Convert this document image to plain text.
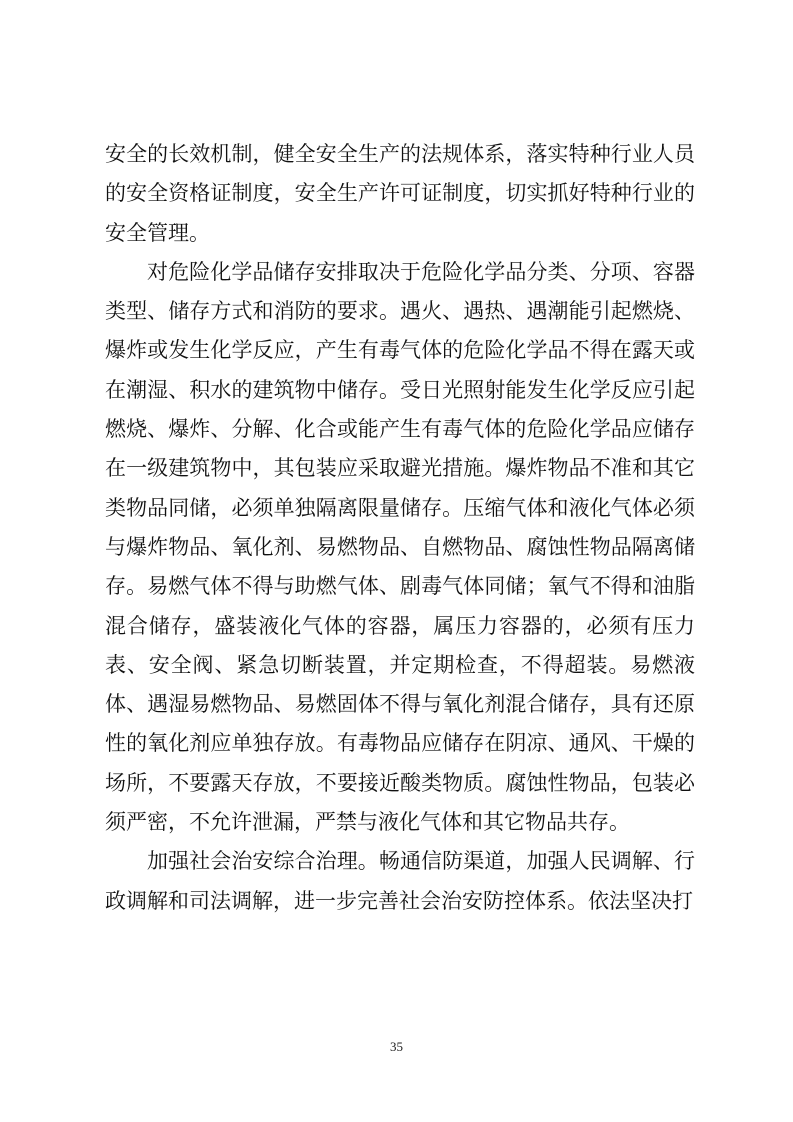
安全的长效机制，健全安全生产的法规体系，落实特种行业人员的安全资格证制度，安全生产许可证制度，切实抓好特种行业的安全管理。

对危险化学品储存安排取决于危险化学品分类、分项、容器类型、储存方式和消防的要求。遇火、遇热、遇潮能引起燃烧、爆炸或发生化学反应，产生有毒气体的危险化学品不得在露天或在潮湿、积水的建筑物中储存。受日光照射能发生化学反应引起燃烧、爆炸、分解、化合或能产生有毒气体的危险化学品应储存在一级建筑物中，其包装应采取避光措施。爆炸物品不准和其它类物品同储，必须单独隔离限量储存。压缩气体和液化气体必须与爆炸物品、氧化剂、易燃物品、自燃物品、腐蚀性物品隔离储存。易燃气体不得与助燃气体、剧毒气体同储；氧气不得和油脂混合储存，盛装液化气体的容器，属压力容器的，必须有压力表、安全阀、紧急切断装置，并定期检查，不得超装。易燃液体、遇湿易燃物品、易燃固体不得与氧化剂混合储存，具有还原性的氧化剂应单独存放。有毒物品应储存在阴凉、通风、干燥的场所，不要露天存放，不要接近酸类物质。腐蚀性物品，包装必须严密，不允许泄漏，严禁与液化气体和其它物品共存。

加强社会治安综合治理。畅通信防渠道，加强人民调解、行政调解和司法调解，进一步完善社会治安防控体系。依法坚决打

35
